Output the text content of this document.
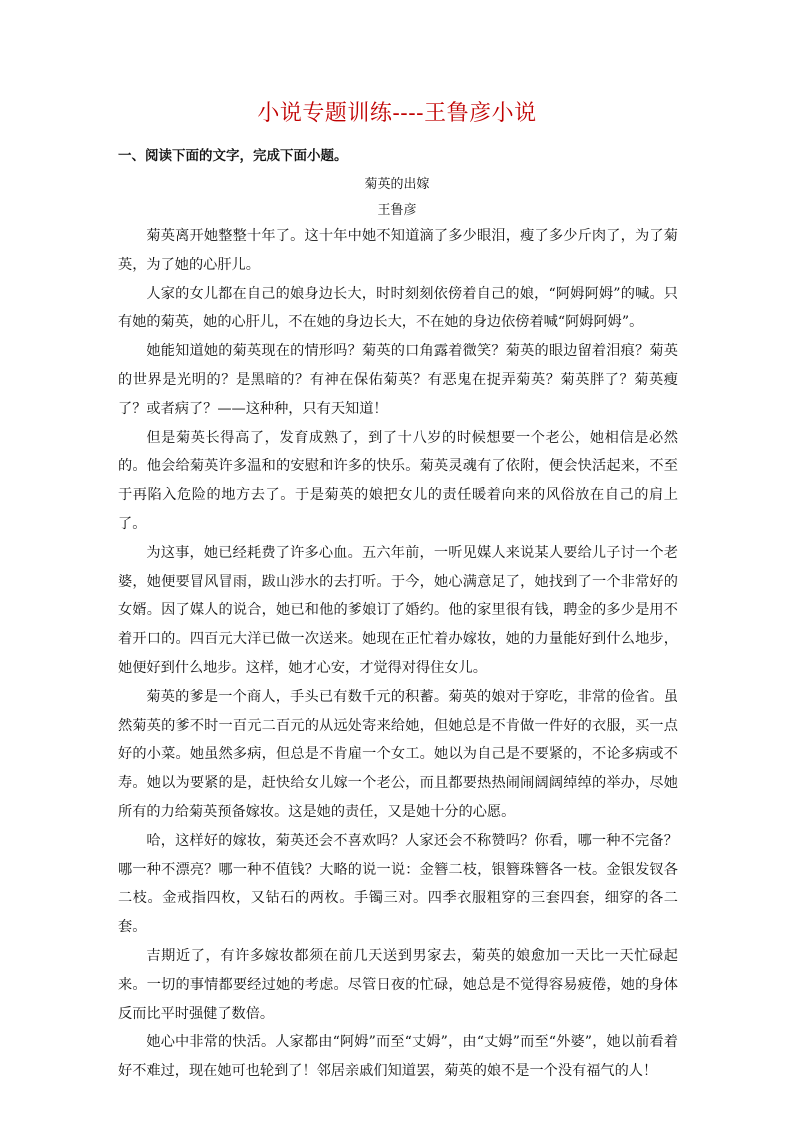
小说专题训练----王鲁彦小说
一、阅读下面的文字，完成下面小题。
菊英的出嫁
王鲁彦

菊英离开她整整十年了。这十年中她不知道滴了多少眼泪，瘦了多少斤肉了，为了菊英，为了她的心肝儿。

人家的女儿都在自己的娘身边长大，时时刻刻依傍着自己的娘，“阿姆阿姆”的喊。只有她的菊英，她的心肝儿，不在她的身边长大，不在她的身边依傍着喊“阿姆阿姆”。

她能知道她的菊英现在的情形吗？菊英的口角露着微笑？菊英的眼边留着泪痕？菊英的世界是光明的？是黑暗的？有神在保佑菊英？有恶鬼在捉弄菊英？菊英胖了？菊英瘦了？或者病了？——这种种，只有天知道！

但是菊英长得高了，发育成熟了，到了十八岁的时候想要一个老公，她相信是必然的。他会给菊英许多温和的安慰和许多的快乐。菊英灵魂有了依附，便会快活起来，不至于再陷入危险的地方去了。于是菊英的娘把女儿的责任暖着向来的风俗放在自己的肩上了。

为这事，她已经耗费了许多心血。五六年前，一听见媒人来说某人要给儿子讨一个老婆，她便要冒风冒雨，跋山涉水的去打听。于今，她心满意足了，她找到了一个非常好的女婿。因了媒人的说合，她已和他的爹娘订了婚约。他的家里很有钱，聘金的多少是用不着开口的。四百元大洋已做一次送来。她现在正忙着办嫁妆，她的力量能好到什么地步，她便好到什么地步。这样，她才心安，才觉得对得住女儿。

菊英的爹是一个商人，手头已有数千元的积蓄。菊英的娘对于穿吃，非常的俭省。虽然菊英的爹不时一百元二百元的从远处寄来给她，但她总是不肯做一件好的衣服，买一点好的小菜。她虽然多病，但总是不肯雇一个女工。她以为自己是不要紧的，不论多病或不寿。她以为要紧的是，赶快给女儿嫁一个老公，而且都要热热闹闹阔阔绰绰的举办，尽她所有的力给菊英预备嫁妆。这是她的责任，又是她十分的心愿。

哈，这样好的嫁妆，菊英还会不喜欢吗？人家还会不称赞吗？你看，哪一种不完备？哪一种不漂亮？哪一种不值钱？大略的说一说：金簪二枝，银簪珠簪各一枝。金银发钗各二枝。金戒指四枚，又钻石的两枚。手镯三对。四季衣服粗穿的三套四套，细穿的各二套。

吉期近了，有许多嫁妆都须在前几天送到男家去，菊英的娘愈加一天比一天忙碌起来。一切的事情都要经过她的考虑。尽管日夜的忙碌，她总是不觉得容易疲倦，她的身体反而比平时强健了数倍。

她心中非常的快活。人家都由“阿姆”而至“丈姆”，由“丈姆”而至“外婆”，她以前看着好不难过，现在她可也轮到了！邻居亲戚们知道罢，菊英的娘不是一个没有福气的人！
